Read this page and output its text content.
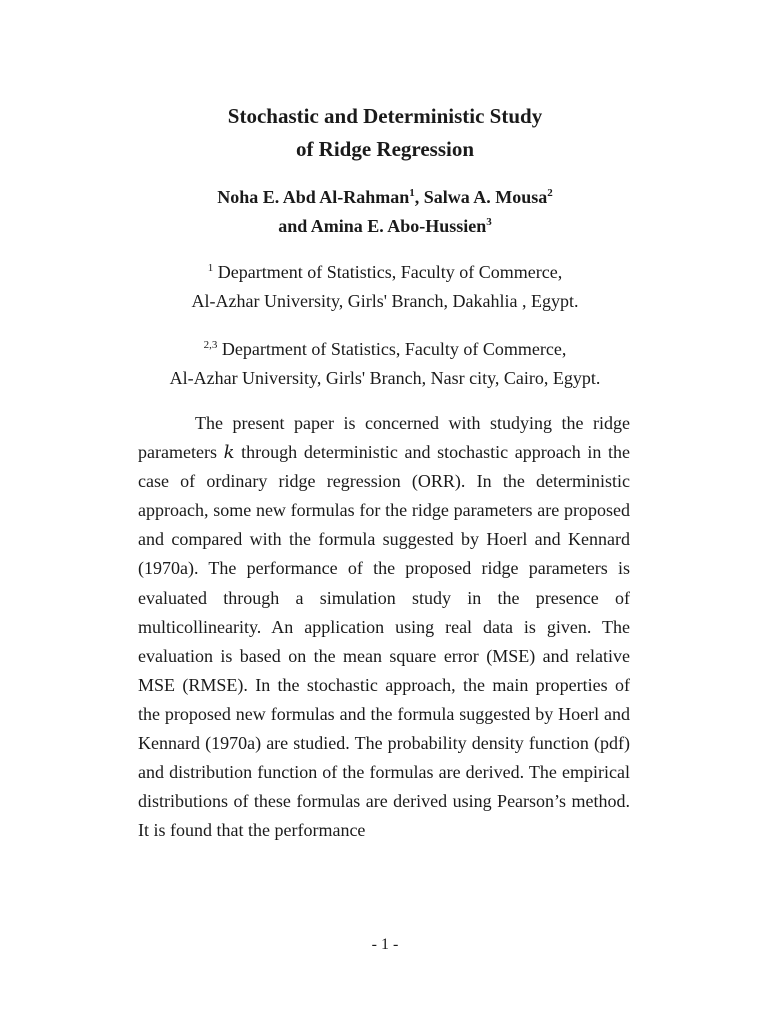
Stochastic and Deterministic Study
of Ridge Regression
Noha E. Abd Al-Rahman$^1$, Salwa A. Mousa$^2$
and Amina E. Abo-Hussien$^3$
$^1$ Department of Statistics, Faculty of Commerce,
Al-Azhar University, Girls' Branch, Dakahlia , Egypt.
$^{2,3}$ Department of Statistics, Faculty of Commerce,
Al-Azhar University, Girls' Branch, Nasr city, Cairo, Egypt.

The present paper is concerned with studying the ridge parameters k through deterministic and stochastic approach in the case of ordinary ridge regression (ORR). In the deterministic approach, some new formulas for the ridge parameters are proposed and compared with the formula suggested by Hoerl and Kennard (1970a). The performance of the proposed ridge parameters is evaluated through a simulation study in the presence of multicollinearity. An application using real data is given. The evaluation is based on the mean square error (MSE) and relative MSE (RMSE). In the stochastic approach, the main properties of the proposed new formulas and the formula suggested by Hoerl and Kennard (1970a) are studied. The probability density function (pdf) and distribution function of the formulas are derived. The empirical distributions of these formulas are derived using Pearson’s method. It is found that the performance

- 1 -
